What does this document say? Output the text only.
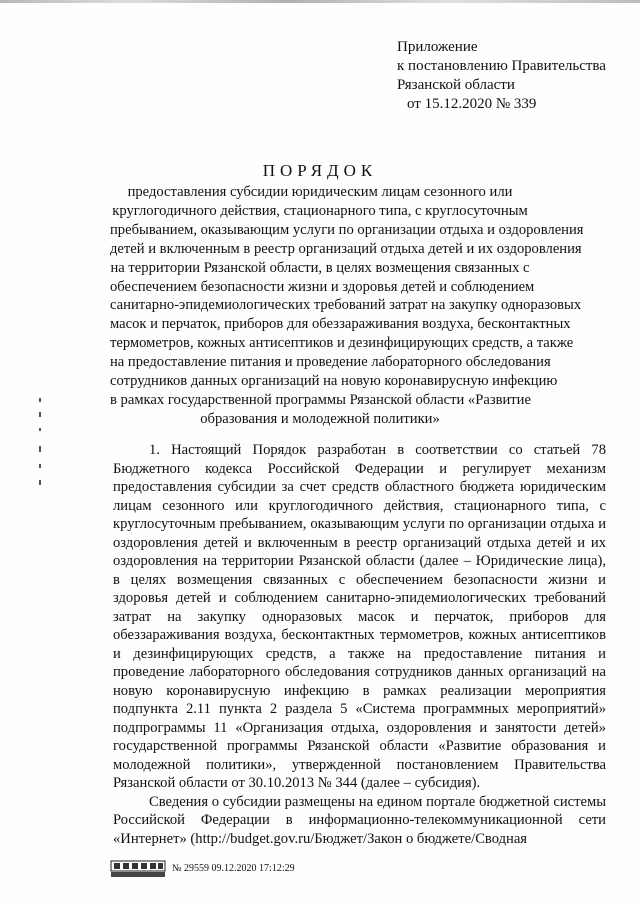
Приложение
к постановлению Правительства
Рязанской области
от 15.12.2020 № 339
ПОРЯДОК
предоставления субсидии юридическим лицам сезонного или
круглогодичного действия, стационарного типа, с круглосуточным
пребыванием, оказывающим услуги по организации отдыха и оздоровления
детей и включенным в реестр организаций отдыха детей и их оздоровления
на территории Рязанской области, в целях возмещения связанных с
обеспечением безопасности жизни и здоровья детей и соблюдением
санитарно-эпидемиологических требований затрат на закупку одноразовых
масок и перчаток, приборов для обеззараживания воздуха, бесконтактных
термометров, кожных антисептиков и дезинфицирующих средств, а также
на предоставление питания и проведение лабораторного обследования
сотрудников данных организаций на новую коронавирусную инфекцию
в рамках государственной программы Рязанской области «Развитие
образования и молодежной политики»

1. Настоящий Порядок разработан в соответствии со статьей 78 Бюджетного кодекса Российской Федерации и регулирует механизм предоставления субсидии за счет средств областного бюджета юридическим лицам сезонного или круглогодичного действия, стационарного типа, с круглосуточным пребыванием, оказывающим услуги по организации отдыха и оздоровления детей и включенным в реестр организаций отдыха детей и их оздоровления на территории Рязанской области (далее – Юридические лица), в целях возмещения связанных с обеспечением безопасности жизни и здоровья детей и соблюдением санитарно-эпидемиологических требований затрат на закупку одноразовых масок и перчаток, приборов для обеззараживания воздуха, бесконтактных термометров, кожных антисептиков и дезинфицирующих средств, а также на предоставление питания и проведение лабораторного обследования сотрудников данных организаций на новую коронавирусную инфекцию в рамках реализации мероприятия подпункта 2.11 пункта 2 раздела 5 «Система программных мероприятий» подпрограммы 11 «Организация отдыха, оздоровления и занятости детей» государственной программы Рязанской области «Развитие образования и молодежной политики», утвержденной постановлением Правительства Рязанской области от 30.10.2013 № 344 (далее – субсидия).

Сведения о субсидии размещены на едином портале бюджетной системы Российской Федерации в информационно-телекоммуникационной сети «Интернет» (http://budget.gov.ru/Бюджет/Закон о бюджете/Сводная

№ 29559 09.12.2020 17:12:29
